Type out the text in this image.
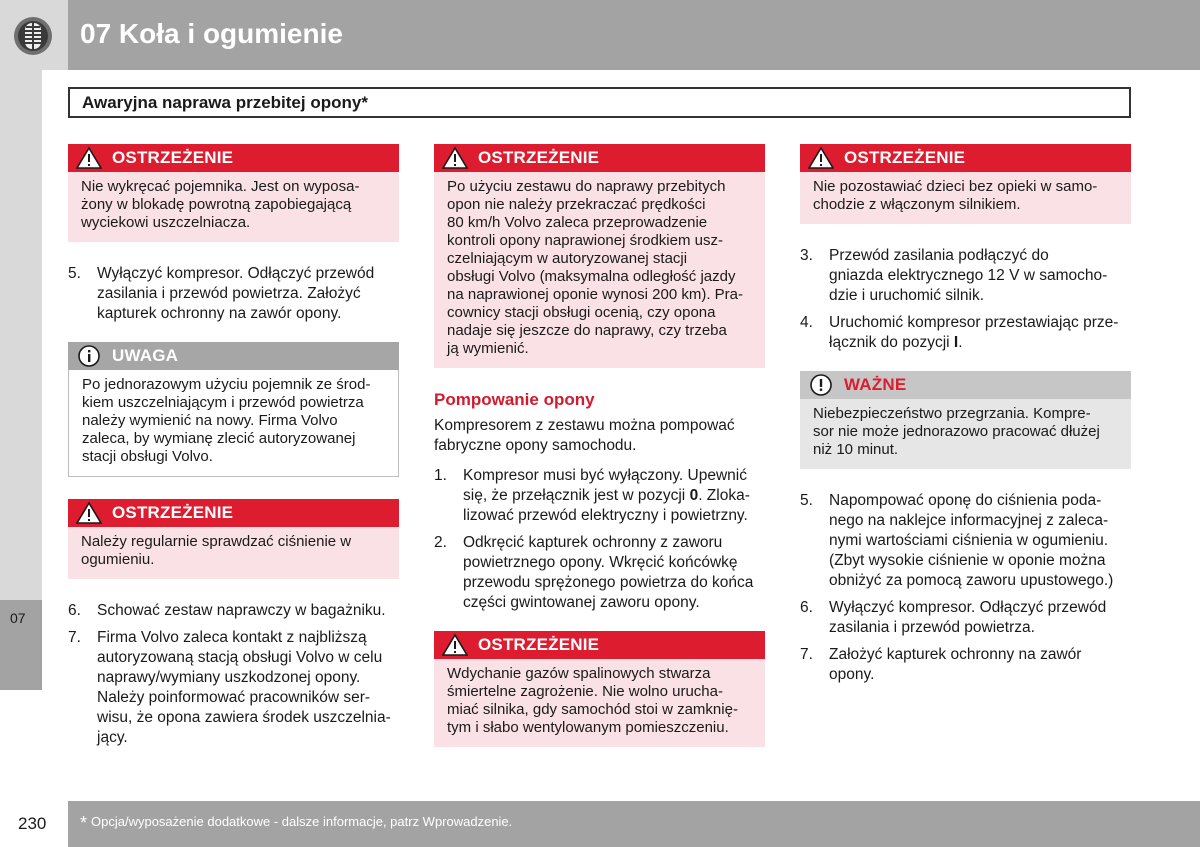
07 Koła i ogumienie
07
Awaryjna naprawa przebitej opony*
OSTRZEŻENIE
Nie wykręcać pojemnika. Jest on wyposa-
żony w blokadę powrotną zapobiegającą
wyciekowi uszczelniacza.
5.	Wyłączyć kompresor. Odłączyć przewód
zasilania i przewód powietrza. Założyć
kapturek ochronny na zawór opony.
UWAGA
Po jednorazowym użyciu pojemnik ze środ-
kiem uszczelniającym i przewód powietrza
należy wymienić na nowy. Firma Volvo
zaleca, by wymianę zlecić autoryzowanej
stacji obsługi Volvo.
OSTRZEŻENIE
Należy regularnie sprawdzać ciśnienie w
ogumieniu.
6.	Schować zestaw naprawczy w bagażniku.
7.	Firma Volvo zaleca kontakt z najbliższą
autoryzowaną stacją obsługi Volvo w celu
naprawy/wymiany uszkodzonej opony.
Należy poinformować pracowników ser-
wisu, że opona zawiera środek uszczelnia-
jący.
OSTRZEŻENIE
Po użyciu zestawu do naprawy przebitych
opon nie należy przekraczać prędkości
80 km/h Volvo zaleca przeprowadzenie
kontroli opony naprawionej środkiem usz-
czelniającym w autoryzowanej stacji
obsługi Volvo (maksymalna odległość jazdy
na naprawionej oponie wynosi 200 km). Pra-
cownicy stacji obsługi ocenią, czy opona
nadaje się jeszcze do naprawy, czy trzeba
ją wymienić.
Pompowanie opony
Kompresorem z zestawu można pompować
fabryczne opony samochodu.
1.	Kompresor musi być wyłączony. Upewnić
się, że przełącznik jest w pozycji 0. Zloka-
lizować przewód elektryczny i powietrzny.
2.	Odkręcić kapturek ochronny z zaworu
powietrznego opony. Wkręcić końcówkę
przewodu sprężonego powietrza do końca
części gwintowanej zaworu opony.
OSTRZEŻENIE
Wdychanie gazów spalinowych stwarza
śmiertelne zagrożenie. Nie wolno urucha-
miać silnika, gdy samochód stoi w zamknię-
tym i słabo wentylowanym pomieszczeniu.
OSTRZEŻENIE
Nie pozostawiać dzieci bez opieki w samo-
chodzie z włączonym silnikiem.
3.	Przewód zasilania podłączyć do
gniazda elektrycznego 12 V w samocho-
dzie i uruchomić silnik.
4.	Uruchomić kompresor przestawiając prze-
łącznik do pozycji I.
WAŻNE
Niebezpieczeństwo przegrzania. Kompre-
sor nie może jednorazowo pracować dłużej
niż 10 minut.
5.	Napompować oponę do ciśnienia poda-
nego na naklejce informacyjnej z zaleca-
nymi wartościami ciśnienia w ogumieniu.
(Zbyt wysokie ciśnienie w oponie można
obniżyć za pomocą zaworu upustowego.)
6.	Wyłączyć kompresor. Odłączyć przewód
zasilania i przewód powietrza.
7.	Założyć kapturek ochronny na zawór
opony.
230 * Opcja/wyposażenie dodatkowe - dalsze informacje, patrz Wprowadzenie.
